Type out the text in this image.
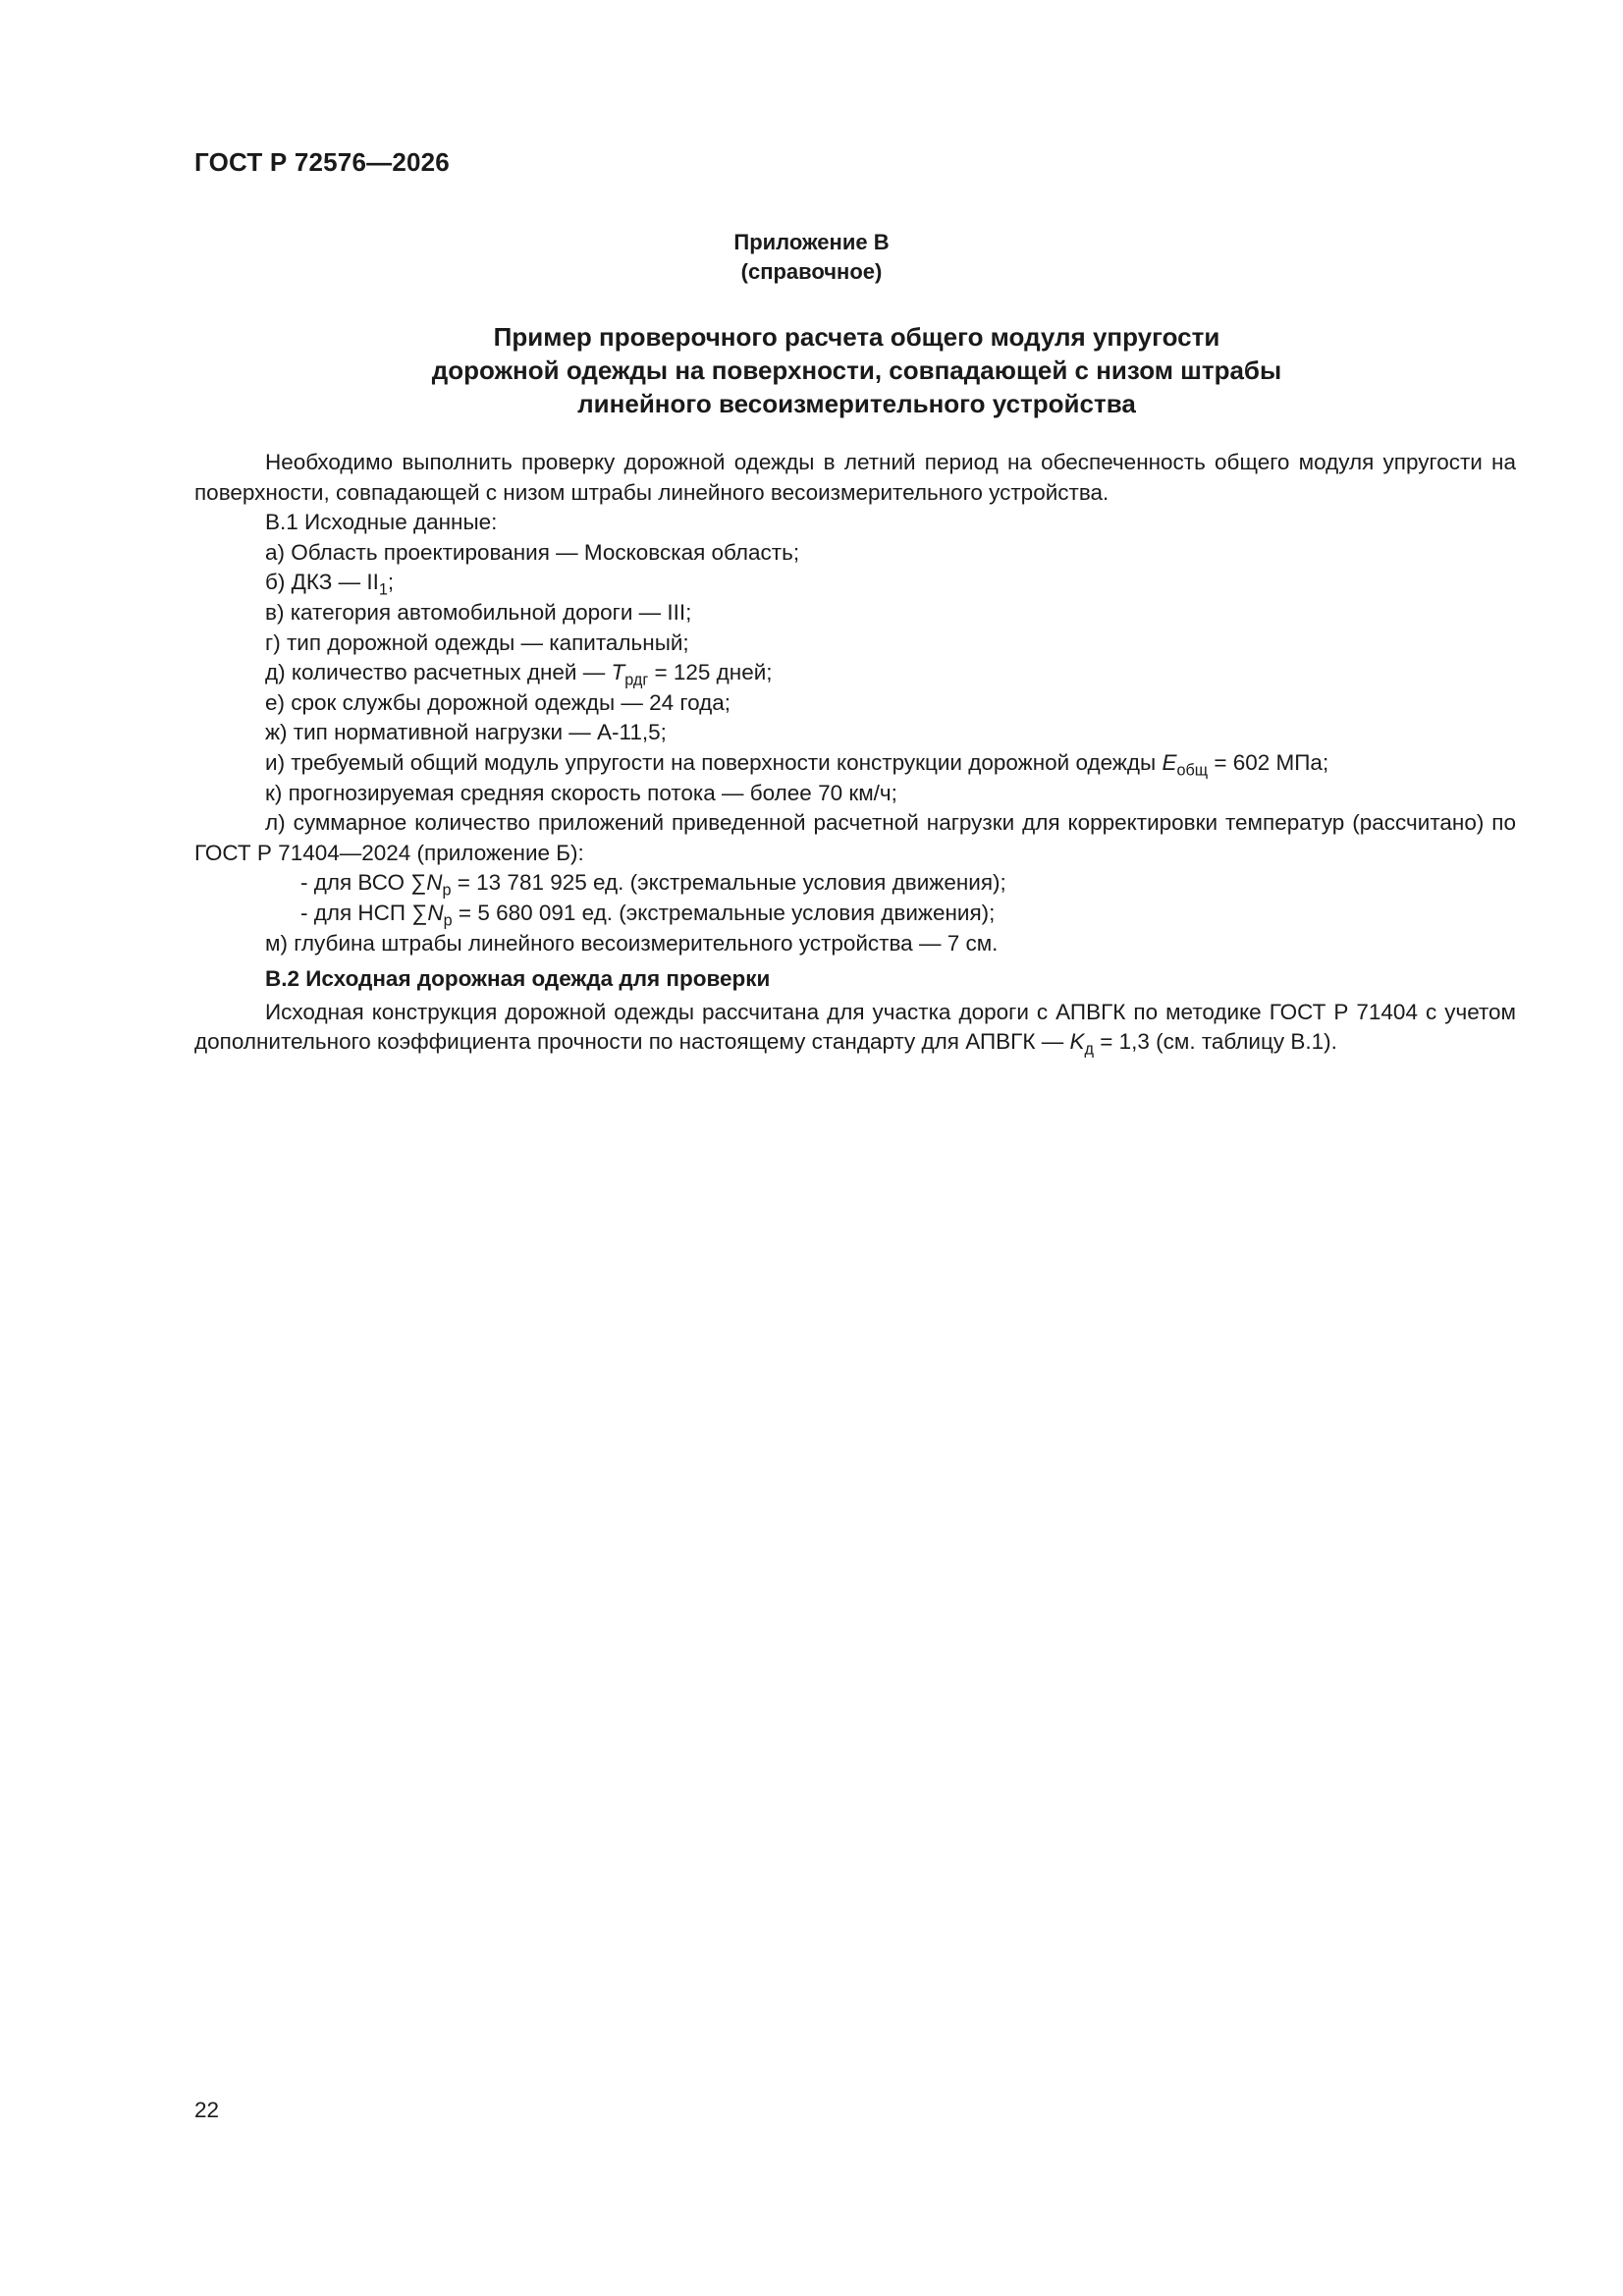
ГОСТ Р 72576—2026
Приложение В
(справочное)
Пример проверочного расчета общего модуля упругости
дорожной одежды на поверхности, совпадающей с низом штрабы
линейного весоизмерительного устройства

Необходимо выполнить проверку дорожной одежды в летний период на обеспеченность общего модуля упругости на поверхности, совпадающей с низом штрабы линейного весоизмерительного устройства.

В.1 Исходные данные:

а) Область проектирования — Московская область;

б) ДКЗ — $II_1$;

в) категория автомобильной дороги — III;

г) тип дорожной одежды — капитальный;

д) количество расчетных дней — $T_{рдг} = 125$ дней;

е) срок службы дорожной одежды — 24 года;

ж) тип нормативной нагрузки — А-11,5;

и) требуемый общий модуль упругости на поверхности конструкции дорожной одежды $E_{общ} = 602$ МПа;

к) прогнозируемая средняя скорость потока — более 70 км/ч;

л) суммарное количество приложений приведенной расчетной нагрузки для корректировки температур (рассчитано) по ГОСТ Р 71404—2024 (приложение Б):

- для ВСО $\sum N_р = 13$ 781 925 ед. (экстремальные условия движения);

- для НСП $\sum N_р = 5$ 680 091 ед. (экстремальные условия движения);

м) глубина штрабы линейного весоизмерительного устройства — 7 см.

В.2 Исходная дорожная одежда для проверки

Исходная конструкция дорожной одежды рассчитана для участка дороги с АПВГК по методике ГОСТ Р 71404 с учетом дополнительного коэффициента прочности по настоящему стандарту для АПВГК — $K_д = 1,3$ (см. таблицу В.1).

22
